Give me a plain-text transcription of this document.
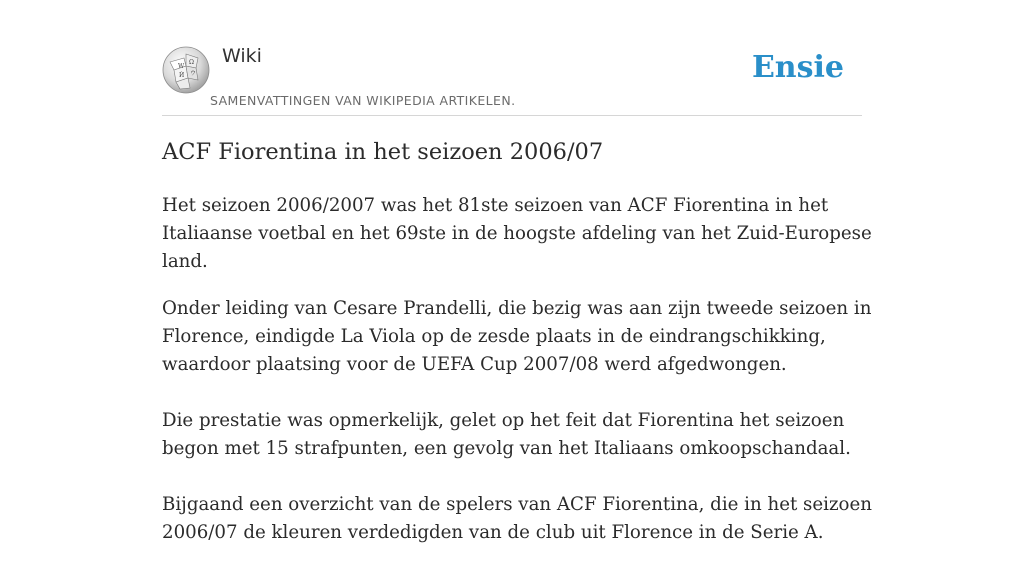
W
Ω
Ѝ ウ
Wiki
SAMENVATTINGEN VAN WIKIPEDIA ARTIKELEN.
Ensie
ACF Fiorentina in het seizoen 2006/07

Het seizoen 2006/2007 was het 81ste seizoen van ACF Fiorentina in het Italiaanse voetbal en het 69ste in de hoogste afdeling van het Zuid-Europese land.

Onder leiding van Cesare Prandelli, die bezig was aan zijn tweede seizoen in Florence, eindigde La Viola op de zesde plaats in de eindrangschikking, waardoor plaatsing voor de UEFA Cup 2007/08 werd afgedwongen.

Die prestatie was opmerkelijk, gelet op het feit dat Fiorentina het seizoen begon met 15 strafpunten, een gevolg van het Italiaans omkoopschandaal.

Bijgaand een overzicht van de spelers van ACF Fiorentina, die in het seizoen 2006/07 de kleuren verdedigden van de club uit Florence in de Serie A.
